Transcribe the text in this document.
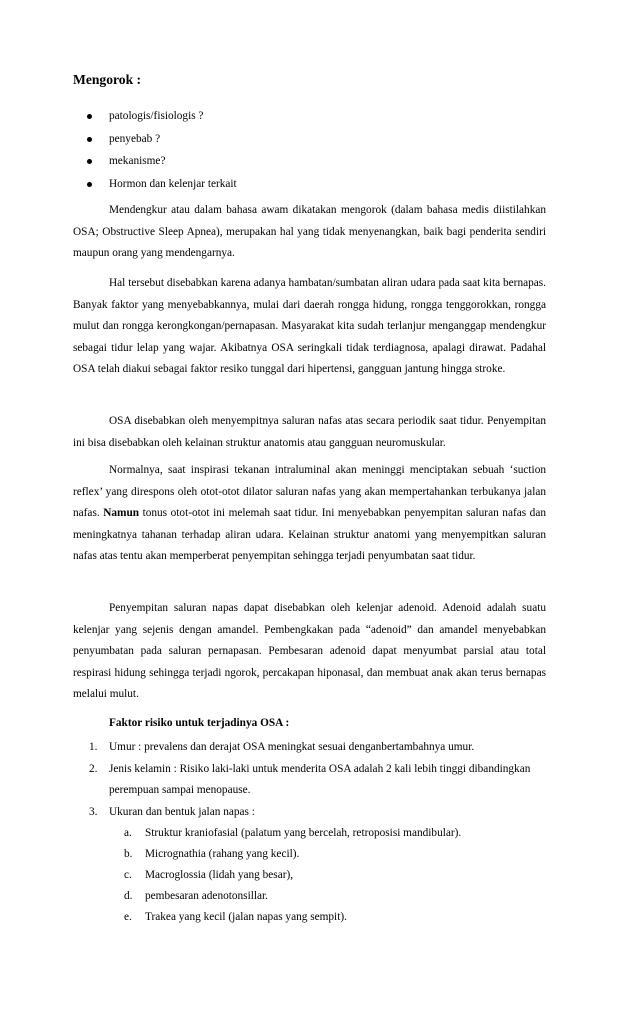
Mengorok :
patologis/fisiologis ?
penyebab ?
mekanisme?
Hormon dan kelenjar terkait

Mendengkur atau dalam bahasa awam dikatakan mengorok (dalam bahasa medis diistilahkan OSA; Obstructive Sleep Apnea), merupakan hal yang tidak menyenangkan, baik bagi penderita sendiri maupun orang yang mendengarnya.

Hal tersebut disebabkan karena adanya hambatan/sumbatan aliran udara pada saat kita bernapas. Banyak faktor yang menyebabkannya, mulai dari daerah rongga hidung, rongga tenggorokkan, rongga mulut dan rongga kerongkongan/pernapasan. Masyarakat kita sudah terlanjur menganggap mendengkur sebagai tidur lelap yang wajar. Akibatnya OSA seringkali tidak terdiagnosa, apalagi dirawat. Padahal OSA telah diakui sebagai faktor resiko tunggal dari hipertensi, gangguan jantung hingga stroke.

OSA disebabkan oleh menyempitnya saluran nafas atas secara periodik saat tidur. Penyempitan ini bisa disebabkan oleh kelainan struktur anatomis atau gangguan neuromuskular.

Normalnya, saat inspirasi tekanan intraluminal akan meninggi menciptakan sebuah ‘suction reflex’ yang direspons oleh otot-otot dilator saluran nafas yang akan mempertahankan terbukanya jalan nafas. Namun tonus otot-otot ini melemah saat tidur. Ini menyebabkan penyempitan saluran nafas dan meningkatnya tahanan terhadap aliran udara. Kelainan struktur anatomi yang menyempitkan saluran nafas atas tentu akan memperberat penyempitan sehingga terjadi penyumbatan saat tidur.

Penyempitan saluran napas dapat disebabkan oleh kelenjar adenoid. Adenoid adalah suatu kelenjar yang sejenis dengan amandel. Pembengkakan pada “adenoid” dan amandel menyebabkan penyumbatan pada saluran pernapasan. Pembesaran adenoid dapat menyumbat parsial atau total respirasi hidung sehingga terjadi ngorok, percakapan hiponasal, dan membuat anak akan terus bernapas melalui mulut.

Faktor risiko untuk terjadinya OSA :

1. Umur : prevalens dan derajat OSA meningkat sesuai denganbertambahnya umur.
2. Jenis kelamin : Risiko laki-laki untuk menderita OSA adalah 2 kali lebih tinggi dibandingkan perempuan sampai menopause.
3. Ukuran dan bentuk jalan napas :
a. Struktur kraniofasial (palatum yang bercelah, retroposisi mandibular).
b. Micrognathia (rahang yang kecil).
c. Macroglossia (lidah yang besar),
d. pembesaran adenotonsillar.
e. Trakea yang kecil (jalan napas yang sempit).
